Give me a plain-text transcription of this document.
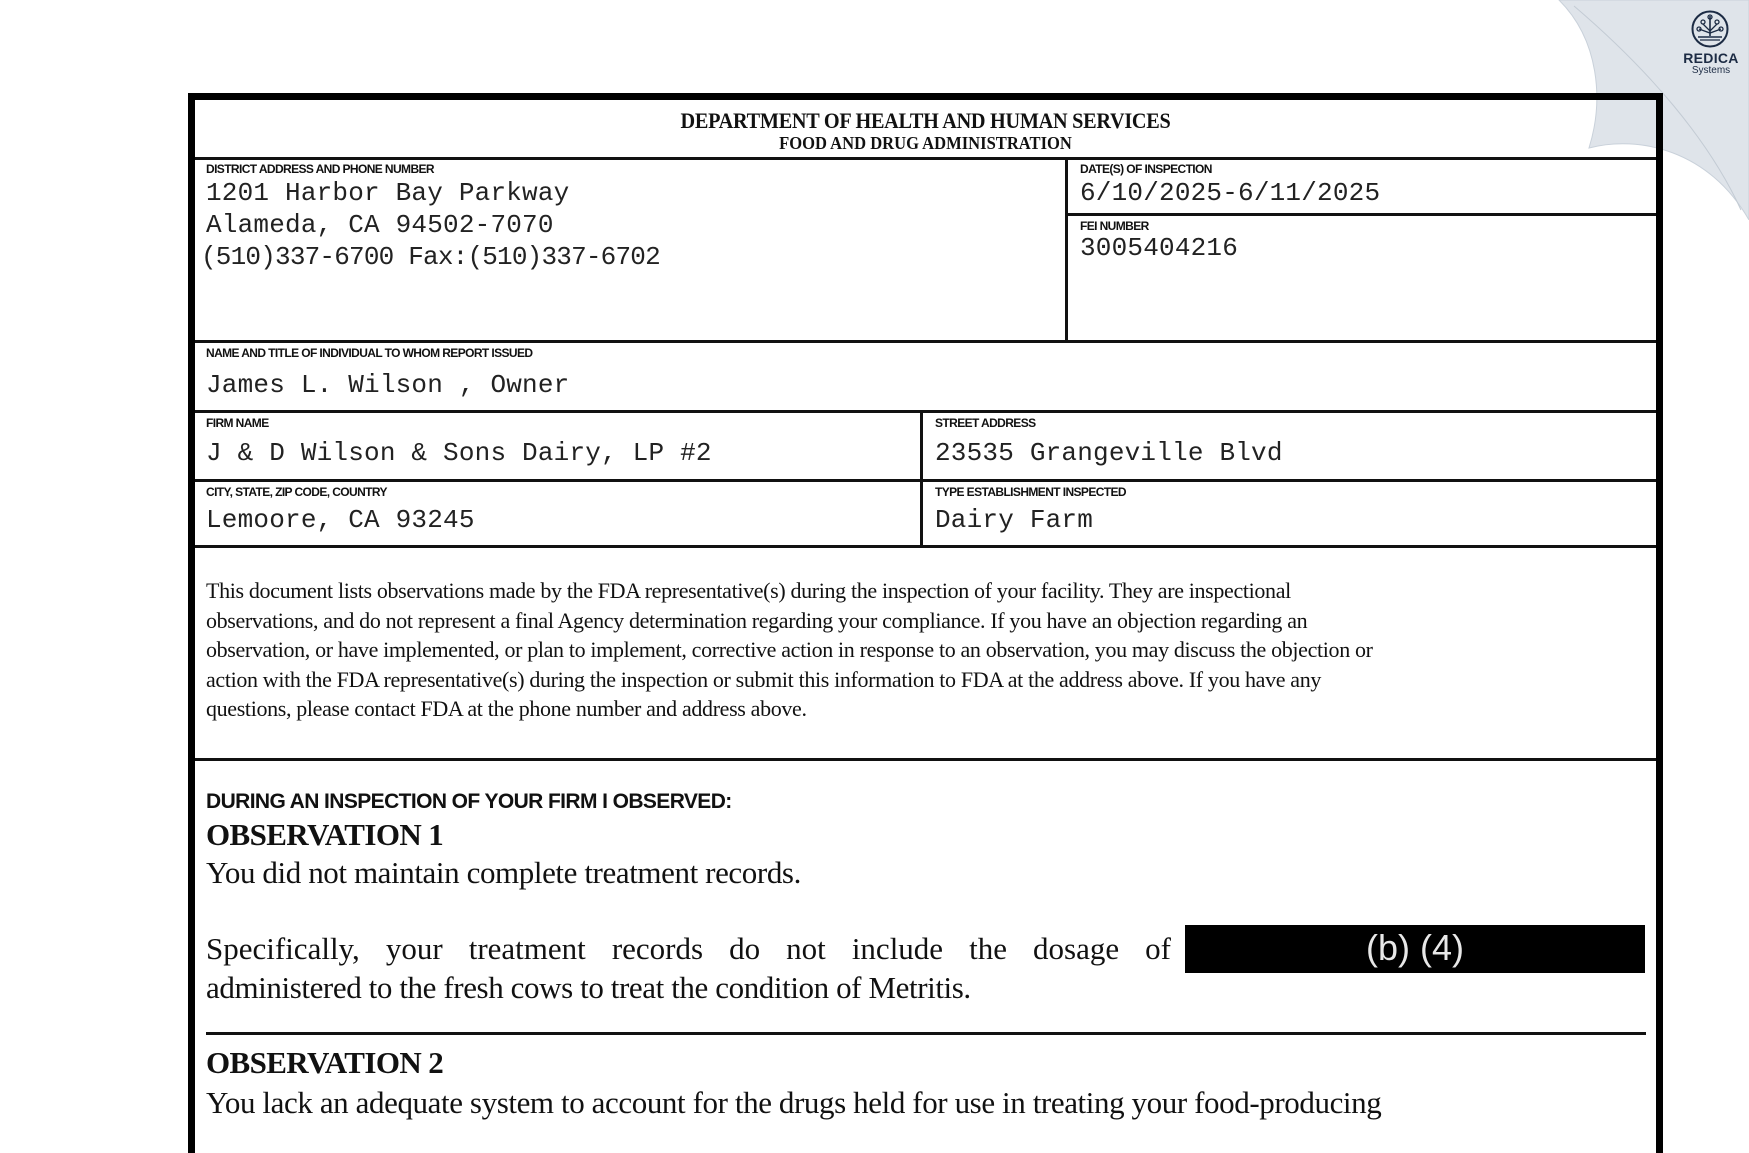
REDICA
Systems
DEPARTMENT OF HEALTH AND HUMAN SERVICES
FOOD AND DRUG ADMINISTRATION
DISTRICT ADDRESS AND PHONE NUMBER
1201 Harbor Bay Parkway
Alameda, CA 94502-7070
(510)337-6700 Fax:(510)337-6702
DATE(S) OF INSPECTION
6/10/2025-6/11/2025
FEI NUMBER
3005404216
NAME AND TITLE OF INDIVIDUAL TO WHOM REPORT ISSUED
James L. Wilson , Owner
FIRM NAME
J & D Wilson & Sons Dairy, LP #2
STREET ADDRESS
23535 Grangeville Blvd
CITY, STATE, ZIP CODE, COUNTRY
Lemoore, CA 93245
TYPE ESTABLISHMENT INSPECTED
Dairy Farm
This document lists observations made by the FDA representative(s) during the inspection of your facility. They are inspectional
observations, and do not represent a final Agency determination regarding your compliance. If you have an objection regarding an
observation, or have implemented, or plan to implement, corrective action in response to an observation, you may discuss the objection or
action with the FDA representative(s) during the inspection or submit this information to FDA at the address above. If you have any
questions, please contact FDA at the phone number and address above.
DURING AN INSPECTION OF YOUR FIRM I OBSERVED:
OBSERVATION 1
You did not maintain complete treatment records.
Specifically, your treatment records do not include the dosage of	(b) (4)
administered to the fresh cows to treat the condition of Metritis.
OBSERVATION 2
You lack an adequate system to account for the drugs held for use in treating your food-producing
